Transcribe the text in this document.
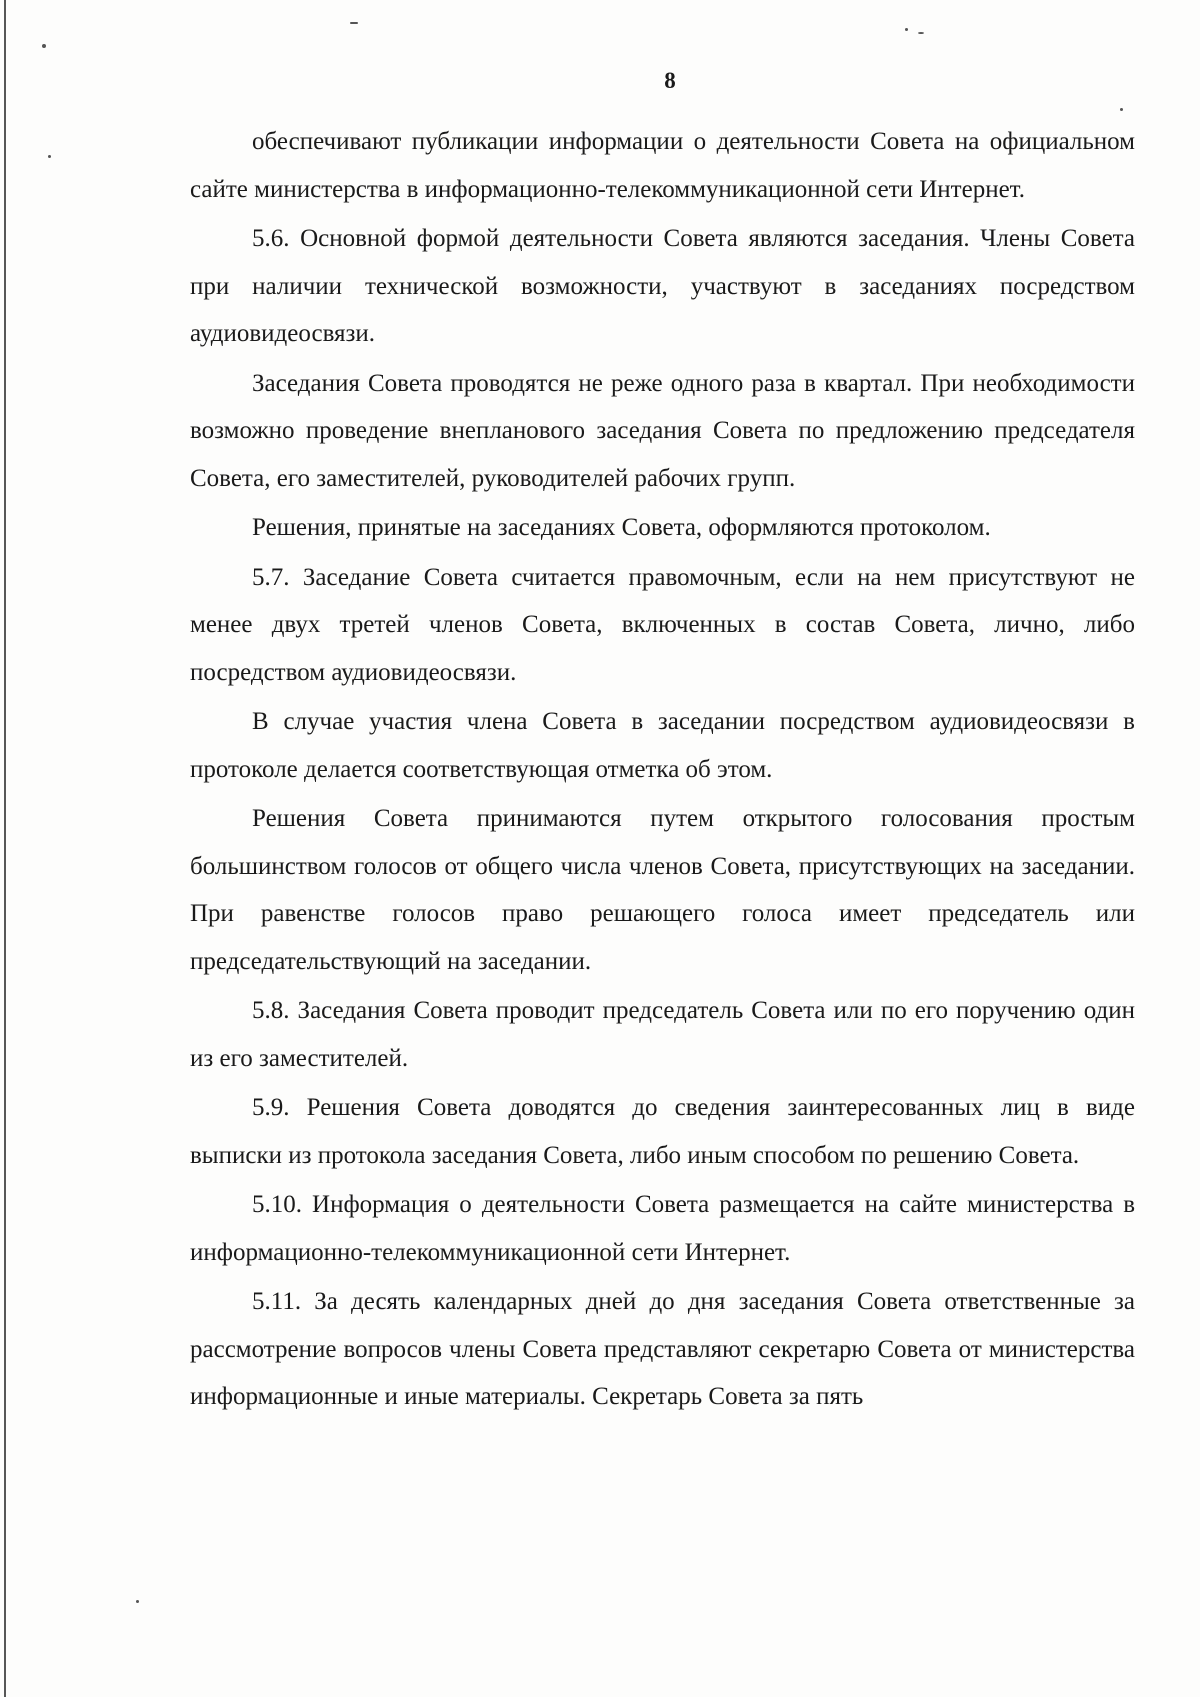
8

обеспечивают публикации информации о деятельности Совета на официальном сайте министерства в информационно-телекоммуникационной сети Интернет.

5.6. Основной формой деятельности Совета являются заседания. Члены Совета при наличии технической возможности, участвуют в заседаниях посредством аудиовидеосвязи.

Заседания Совета проводятся не реже одного раза в квартал. При необходимости возможно проведение внепланового заседания Совета по предложению председателя Совета, его заместителей, руководителей рабочих групп.

Решения, принятые на заседаниях Совета, оформляются протоколом.

5.7. Заседание Совета считается правомочным, если на нем присутствуют не менее двух третей членов Совета, включенных в состав Совета, лично, либо посредством аудиовидеосвязи.

В случае участия члена Совета в заседании посредством аудиовидеосвязи в протоколе делается соответствующая отметка об этом.

Решения Совета принимаются путем открытого голосования простым большинством голосов от общего числа членов Совета, присутствующих на заседании. При равенстве голосов право решающего голоса имеет председатель или председательствующий на заседании.

5.8. Заседания Совета проводит председатель Совета или по его поручению один из его заместителей.

5.9. Решения Совета доводятся до сведения заинтересованных лиц в виде выписки из протокола заседания Совета, либо иным способом по решению Совета.

5.10. Информация о деятельности Совета размещается на сайте министерства в информационно-телекоммуникационной сети Интернет.

5.11. За десять календарных дней до дня заседания Совета ответственные за рассмотрение вопросов члены Совета представляют секретарю Совета от министерства информационные и иные материалы. Секретарь Совета за пять
